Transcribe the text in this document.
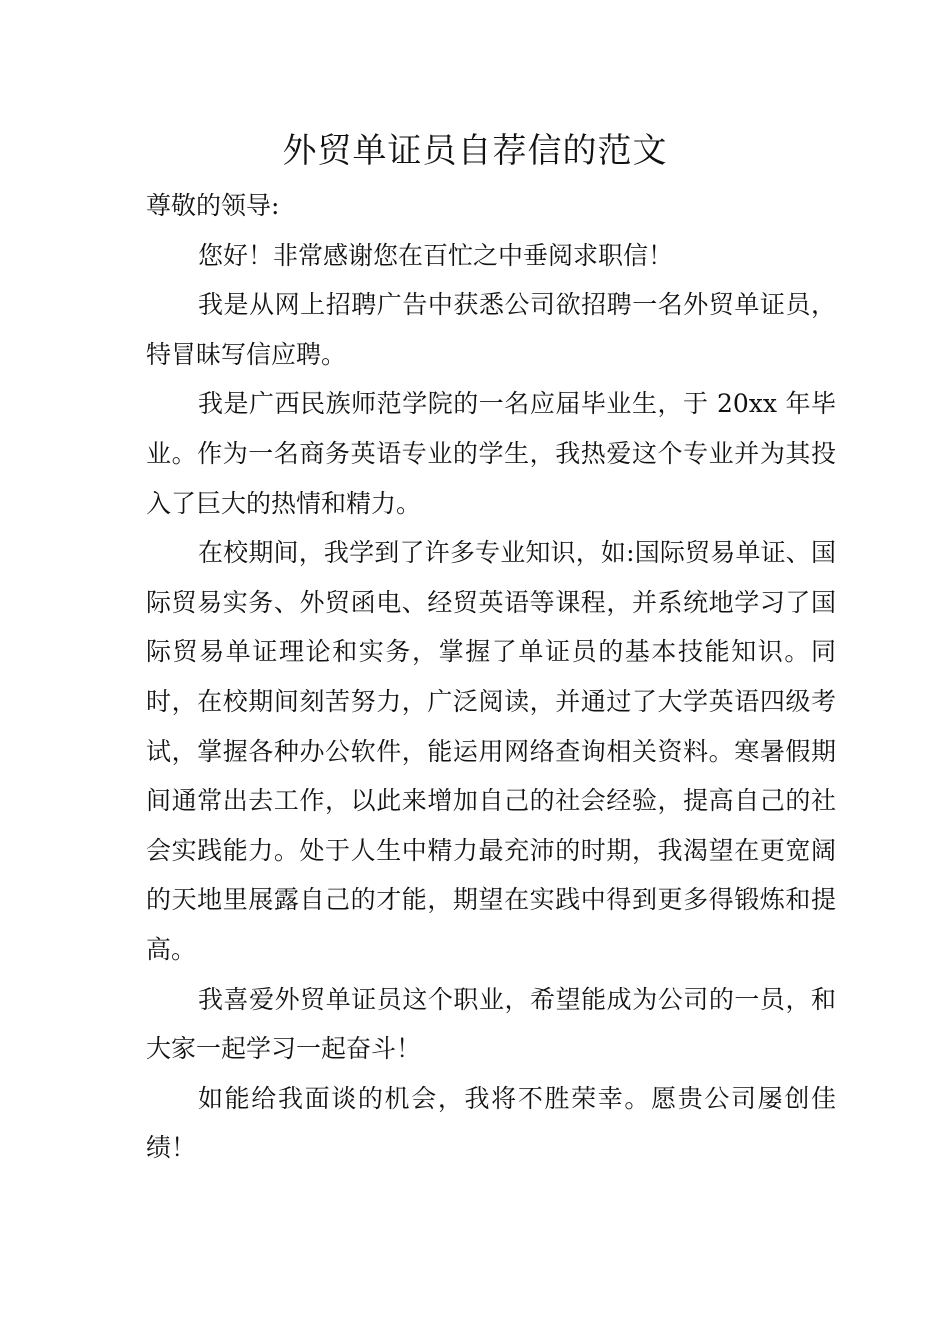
外贸单证员自荐信的范文

尊敬的领导:

您好！非常感谢您在百忙之中垂阅求职信！

我是从网上招聘广告中获悉公司欲招聘一名外贸单证员，特冒昧写信应聘。

我是广西民族师范学院的一名应届毕业生，于 20xx 年毕业。作为一名商务英语专业的学生，我热爱这个专业并为其投入了巨大的热情和精力。

在校期间，我学到了许多专业知识，如:国际贸易单证、国际贸易实务、外贸函电、经贸英语等课程，并系统地学习了国际贸易单证理论和实务，掌握了单证员的基本技能知识。同时，在校期间刻苦努力，广泛阅读，并通过了大学英语四级考试，掌握各种办公软件，能运用网络查询相关资料。寒暑假期间通常出去工作，以此来增加自己的社会经验，提高自己的社会实践能力。处于人生中精力最充沛的时期，我渴望在更宽阔的天地里展露自己的才能，期望在实践中得到更多得锻炼和提高。

我喜爱外贸单证员这个职业，希望能成为公司的一员，和大家一起学习一起奋斗！

如能给我面谈的机会，我将不胜荣幸。愿贵公司屡创佳绩！
